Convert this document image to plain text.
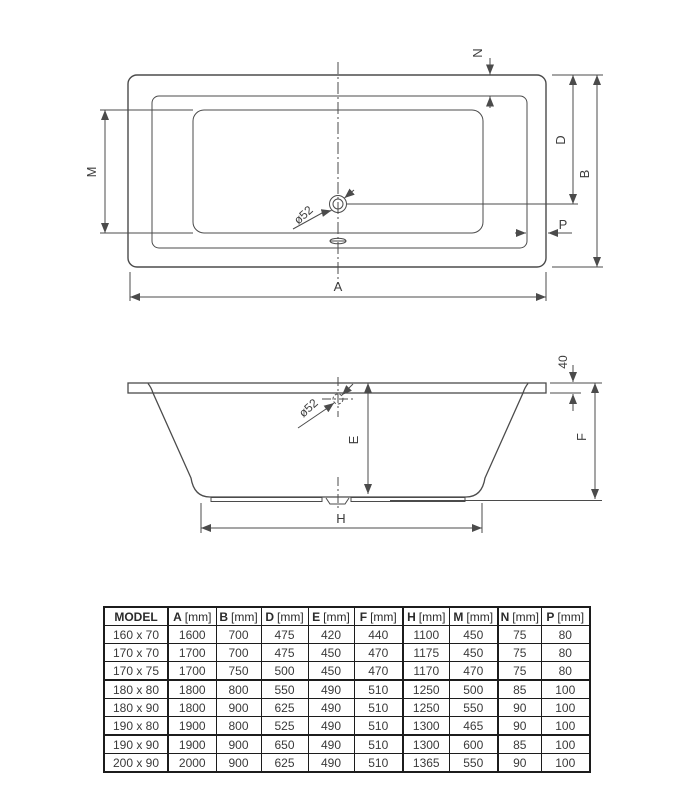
M
N
D
B
P
A
ø52
E	F
H
40
ø52
MODEL	A [mm]	B [mm]	D [mm]	E [mm]	F [mm]	H [mm]	M [mm]	N [mm]	P [mm]
160 x 70	1600	700	475	420	440	1100	450	75	80
170 x 70	1700	700	475	450	470	1175	450	75	80
170 x 75	1700	750	500	450	470	1170	470	75	80
180 x 80	1800	800	550	490	510	1250	500	85	100
180 x 90	1800	900	625	490	510	1250	550	90	100
190 x 80	1900	800	525	490	510	1300	465	90	100
190 x 90	1900	900	650	490	510	1300	600	85	100
200 x 90	2000	900	625	490	510	1365	550	90	100
